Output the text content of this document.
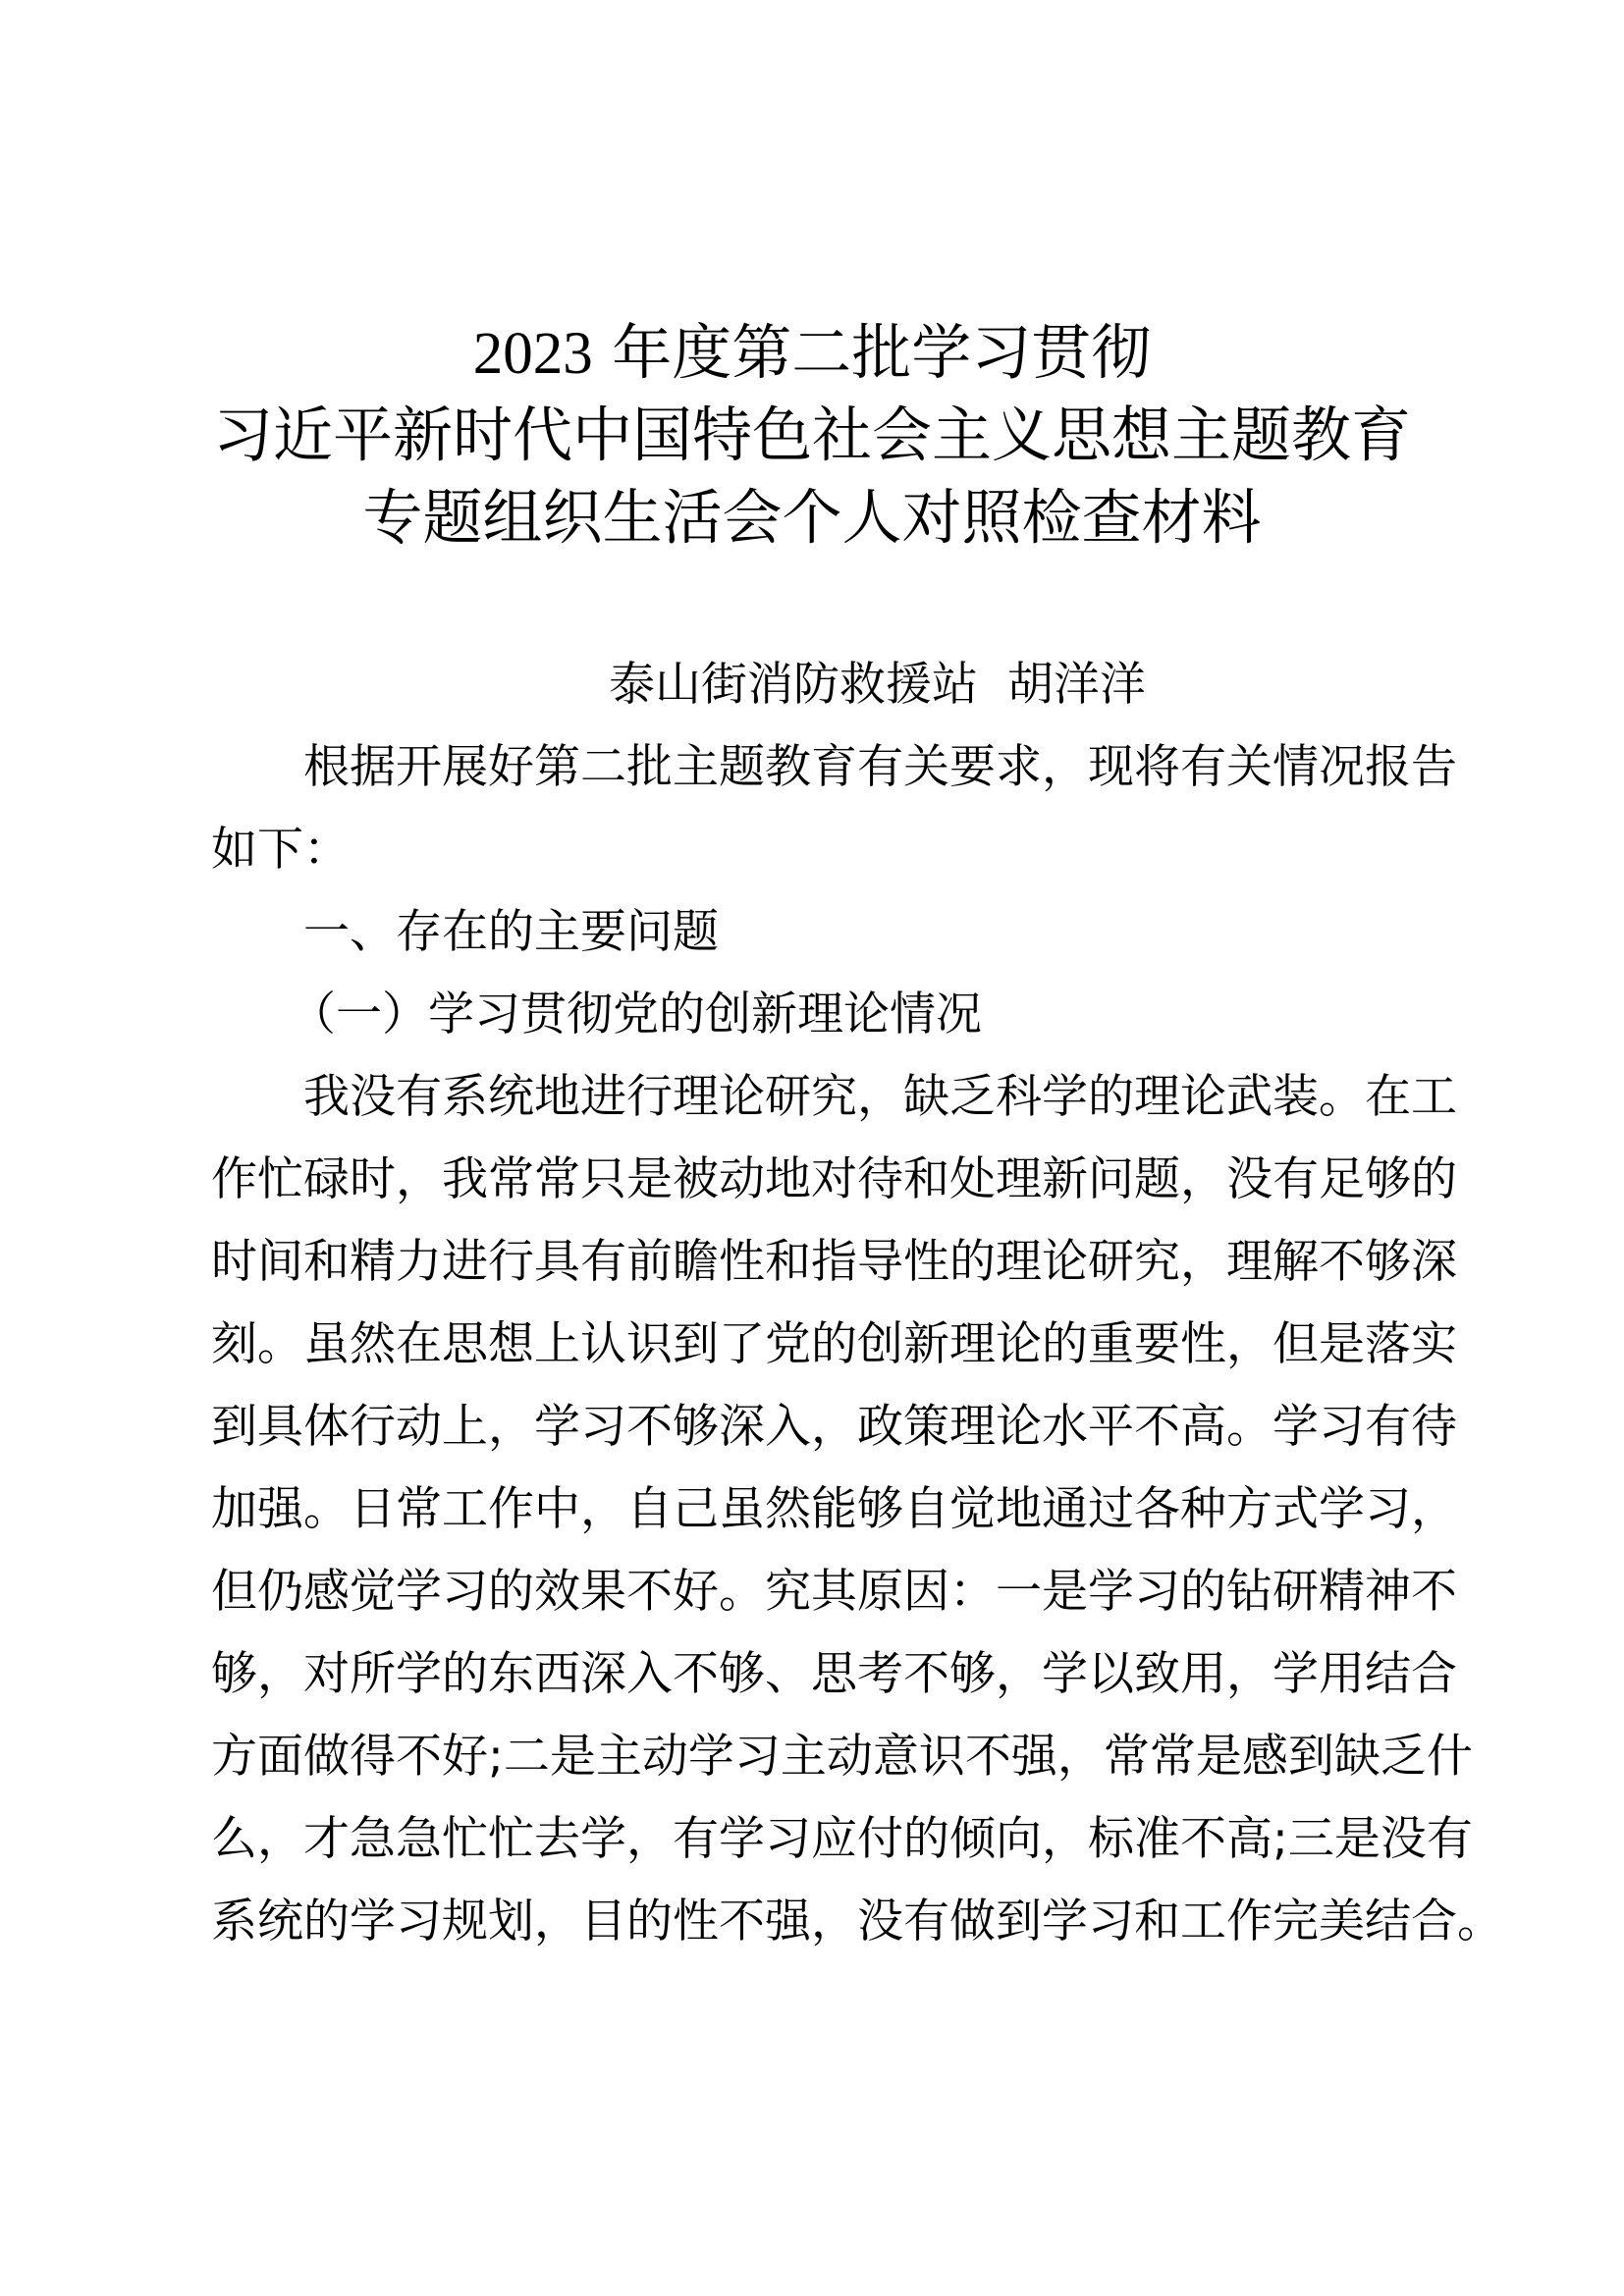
2023 年度第二批学习贯彻
习近平新时代中国特色社会主义思想主题教育
专题组织生活会个人对照检查材料
泰山街消防救援站  胡洋洋
根据开展好第二批主题教育有关要求，现将有关情况报告
如下：
一、存在的主要问题
（一）学习贯彻党的创新理论情况
我没有系统地进行理论研究，缺乏科学的理论武装。在工
作忙碌时，我常常只是被动地对待和处理新问题，没有足够的
时间和精力进行具有前瞻性和指导性的理论研究，理解不够深
刻。虽然在思想上认识到了党的创新理论的重要性，但是落实
到具体行动上，学习不够深入，政策理论水平不高。学习有待
加强。日常工作中，自己虽然能够自觉地通过各种方式学习，
但仍感觉学习的效果不好。究其原因：一是学习的钻研精神不
够，对所学的东西深入不够、思考不够，学以致用，学用结合
方面做得不好;二是主动学习主动意识不强，常常是感到缺乏什
么，才急急忙忙去学，有学习应付的倾向，标准不高;三是没有
系统的学习规划，目的性不强，没有做到学习和工作完美结合。
